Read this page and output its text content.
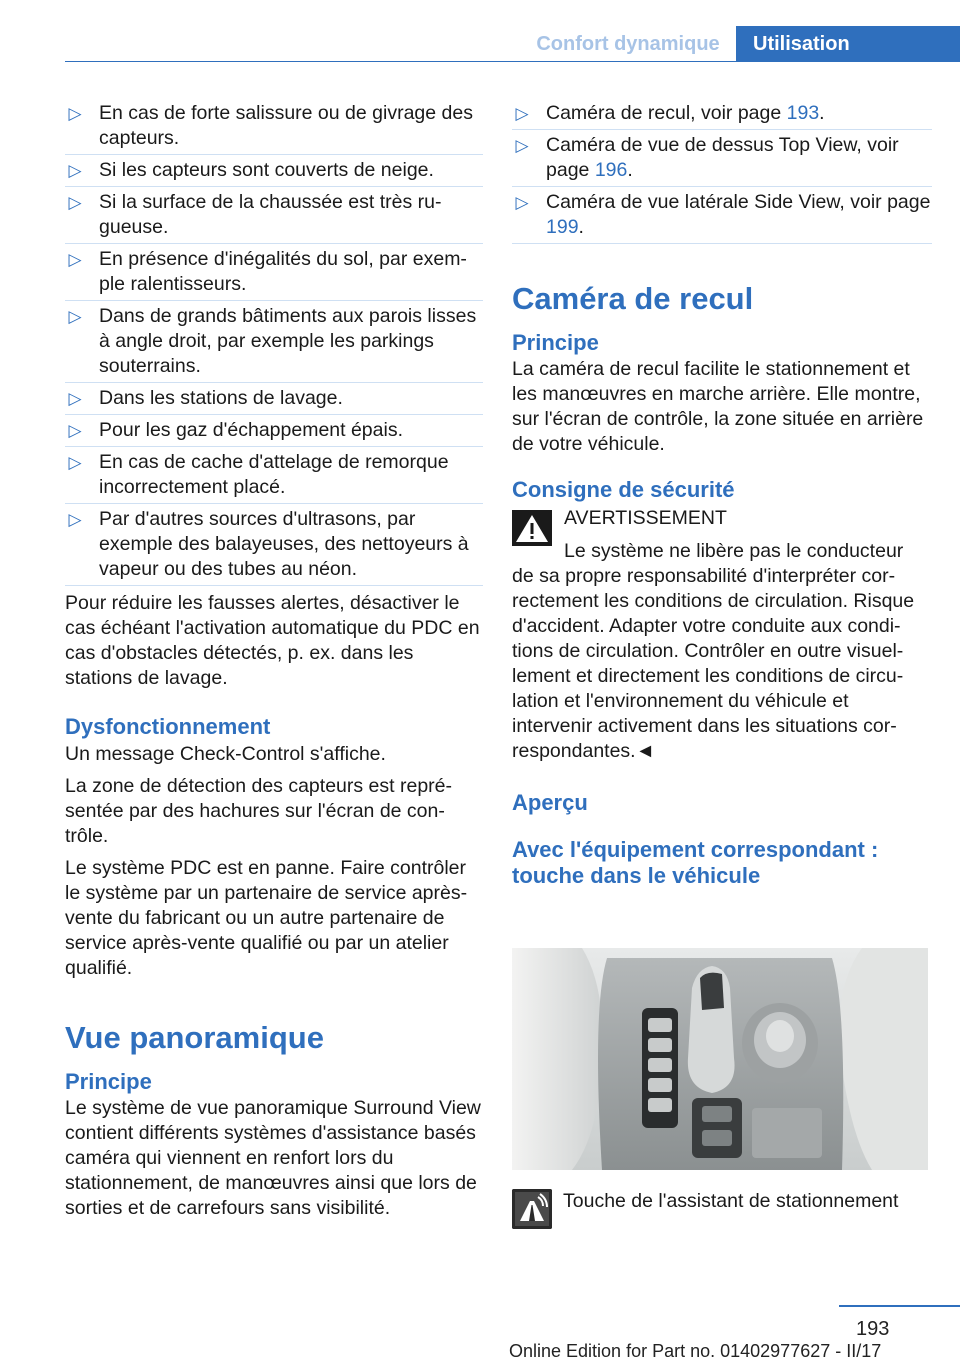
Confort dynamique	Utilisation
▷ En cas de forte salissure ou de givrage des capteurs.
▷ Si les capteurs sont couverts de neige.
▷ Si la surface de la chaussée est très ru-
gueuse.
▷ En présence d'inégalités du sol, par exem-
ple ralentisseurs.
▷ Dans de grands bâtiments aux parois lisses à angle droit, par exemple les parkings souterrains.
▷ Dans les stations de lavage.
▷ Pour les gaz d'échappement épais.
▷ En cas de cache d'attelage de remorque incorrectement placé.
▷ Par d'autres sources d'ultrasons, par exemple des balayeuses, des nettoyeurs à vapeur ou des tubes au néon.

Pour réduire les fausses alertes, désactiver le cas échéant l'activation automatique du PDC en cas d'obstacles détectés, p. ex. dans les stations de lavage.

Dysfonctionnement

Un message Check-Control s'affiche.

La zone de détection des capteurs est repré-
sentée par des hachures sur l'écran de con-
trôle.

Le système PDC est en panne. Faire contrôler le système par un partenaire de service après-vente du fabricant ou un autre partenaire de service après-vente qualifié ou par un atelier qualifié.

Vue panoramique
Principe

Le système de vue panoramique Surround View contient différents systèmes d'assistance basés caméra qui viennent en renfort lors du stationnement, de manœuvres ainsi que lors de sorties et de carrefours sans visibilité.

▷ Caméra de recul, voir page 193.
▷ Caméra de vue de dessus Top View, voir page 196.
▷ Caméra de vue latérale Side View, voir page 199.
Caméra de recul
Principe

La caméra de recul facilite le stationnement et les manœuvres en marche arrière. Elle montre, sur l'écran de contrôle, la zone située en arrière de votre véhicule.

Consigne de sécurité
AVERTISSEMENT
Le système ne libère pas le conducteur

de sa propre responsabilité d'interpréter cor-
rectement les conditions de circulation. Risque d'accident. Adapter votre conduite aux condi-
tions de circulation. Contrôler en outre visuel-
lement et directement les conditions de circu-
lation et l'environnement du véhicule et intervenir activement dans les situations cor-
respondantes.◄

Aperçu
Avec l'équipement correspondant : touche dans le véhicule
Touche de l'assistant de stationnement
193
Online Edition for Part no. 01402977627 - II/17
